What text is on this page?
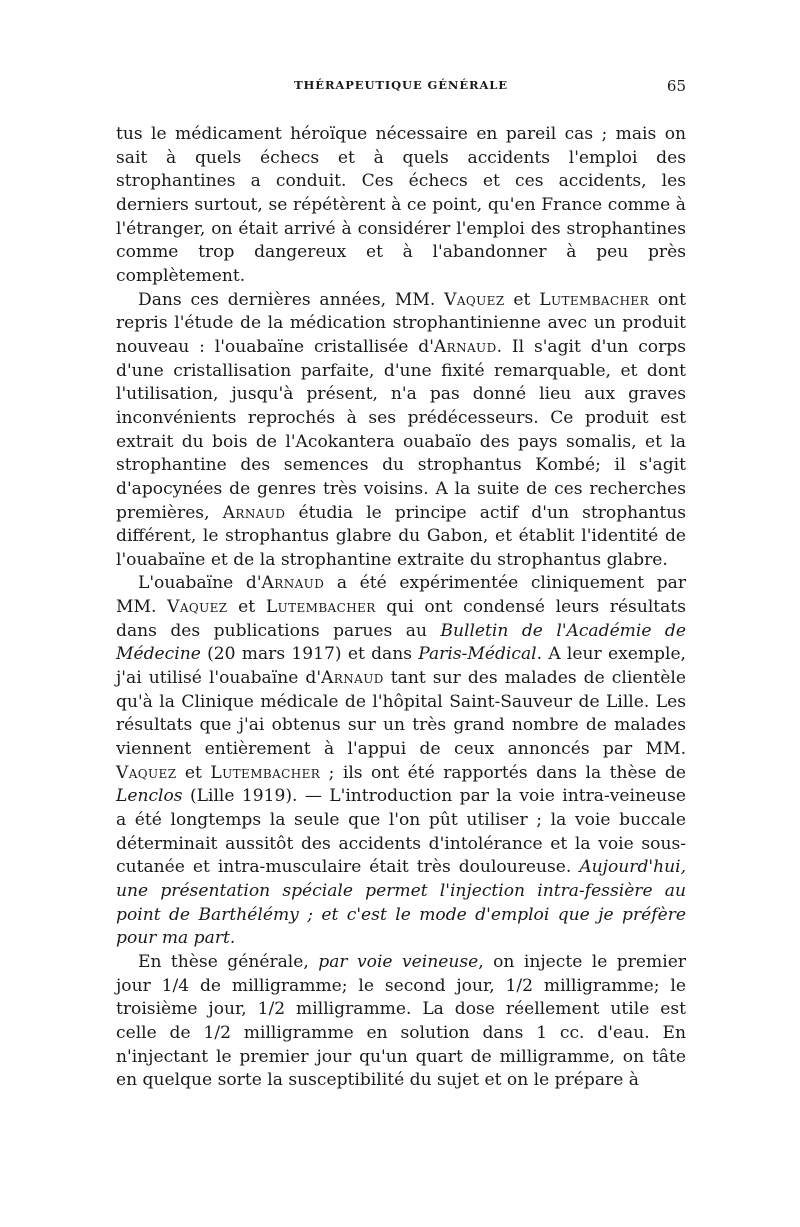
THÉRAPEUTIQUE GÉNÉRALE	65

tus le médicament héroïque nécessaire en pareil cas ; mais on sait à quels échecs et à quels accidents l'emploi des strophantines a conduit. Ces échecs et ces accidents, les derniers surtout, se répétèrent à ce point, qu'en France comme à l'étranger, on était arrivé à considérer l'emploi des strophantines comme trop dangereux et à l'abandonner à peu près complètement.

Dans ces dernières années, MM. Vaquez et Lutembacher ont repris l'étude de la médication strophantinienne avec un produit nouveau : l'ouabaïne cristallisée d'Arnaud. Il s'agit d'un corps d'une cristallisation parfaite, d'une fixité remarquable, et dont l'utilisation, jusqu'à présent, n'a pas donné lieu aux graves inconvénients reprochés à ses prédécesseurs. Ce produit est extrait du bois de l'Acokantera ouabaïo des pays somalis, et la strophantine des semences du strophantus Kombé; il s'agit d'apocynées de genres très voisins. A la suite de ces recherches premières, Arnaud étudia le principe actif d'un strophantus différent, le strophantus glabre du Gabon, et établit l'identité de l'ouabaïne et de la strophantine extraite du strophantus glabre.

L'ouabaïne d'Arnaud a été expérimentée cliniquement par MM. Vaquez et Lutembacher qui ont condensé leurs résultats dans des publications parues au Bulletin de l'Académie de Médecine (20 mars 1917) et dans Paris-Médical. A leur exemple, j'ai utilisé l'ouabaïne d'Arnaud tant sur des malades de clientèle qu'à la Clinique médicale de l'hôpital Saint-Sauveur de Lille. Les résultats que j'ai obtenus sur un très grand nombre de malades viennent entièrement à l'appui de ceux annoncés par MM. Vaquez et Lutembacher ; ils ont été rapportés dans la thèse de Lenclos (Lille 1919). — L'introduction par la voie intra-veineuse a été longtemps la seule que l'on pût utiliser ; la voie buccale déterminait aussitôt des accidents d'intolérance et la voie sous-cutanée et intra-musculaire était très douloureuse. Aujourd'hui, une présentation spéciale permet l'injection intra-fessière au point de Barthélémy ; et c'est le mode d'emploi que je préfère pour ma part.

En thèse générale, par voie veineuse, on injecte le premier jour 1/4 de milligramme; le second jour, 1/2 milligramme; le troisième jour, 1/2 milligramme. La dose réellement utile est celle de 1/2 milligramme en solution dans 1 cc. d'eau. En n'injectant le premier jour qu'un quart de milligramme, on tâte en quelque sorte la susceptibilité du sujet et on le prépare à
